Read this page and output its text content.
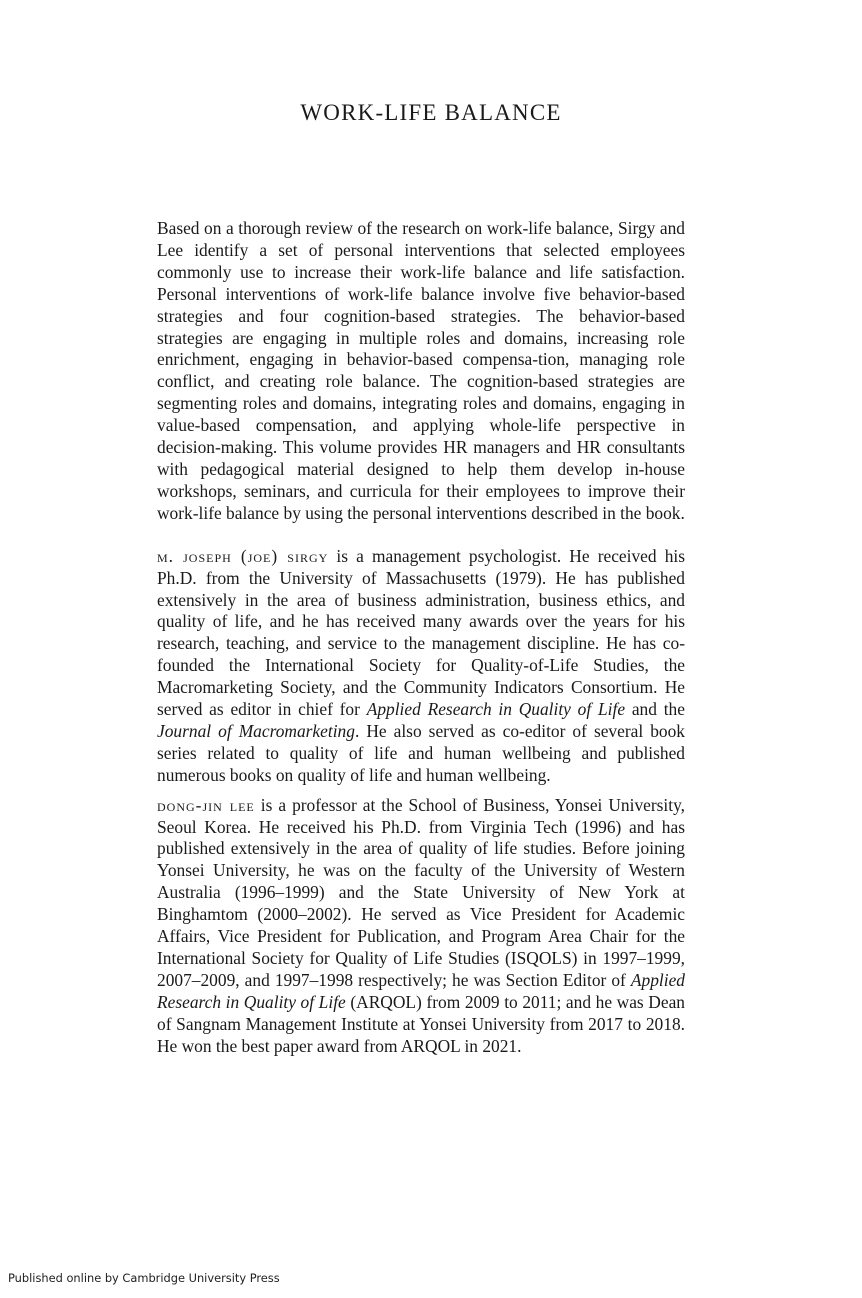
WORK-LIFE BALANCE

Based on a thorough review of the research on work-life balance, Sirgy and Lee identify a set of personal interventions that selected employees commonly use to increase their work-life balance and life satisfaction. Personal interventions of work-life balance involve five behavior-based strategies and four cognition-based strategies. The behavior-based strategies are engaging in multiple roles and domains, increasing role enrichment, engaging in behavior-based compensa-tion, managing role conflict, and creating role balance. The cognition-based strategies are segmenting roles and domains, integrating roles and domains, engaging in value-based compensation, and applying whole-life perspective in decision-making. This volume provides HR managers and HR consultants with pedagogical material designed to help them develop in-house workshops, seminars, and curricula for their employees to improve their work-life balance by using the personal interventions described in the book.

m. joseph (joe) sirgy is a management psychologist. He received his Ph.D. from the University of Massachusetts (1979). He has published extensively in the area of business administration, business ethics, and quality of life, and he has received many awards over the years for his research, teaching, and service to the management discipline. He has co-founded the International Society for Quality-of-Life Studies, the Macromarketing Society, and the Community Indicators Consortium. He served as editor in chief for Applied Research in Quality of Life and the Journal of Macromarketing. He also served as co-editor of several book series related to quality of life and human wellbeing and published numerous books on quality of life and human wellbeing.

dong-jin lee is a professor at the School of Business, Yonsei University, Seoul Korea. He received his Ph.D. from Virginia Tech (1996) and has published extensively in the area of quality of life studies. Before joining Yonsei University, he was on the faculty of the University of Western Australia (1996–1999) and the State University of New York at Binghamtom (2000–2002). He served as Vice President for Academic Affairs, Vice President for Publication, and Program Area Chair for the International Society for Quality of Life Studies (ISQOLS) in 1997–1999, 2007–2009, and 1997–1998 respectively; he was Section Editor of Applied Research in Quality of Life (ARQOL) from 2009 to 2011; and he was Dean of Sangnam Management Institute at Yonsei University from 2017 to 2018. He won the best paper award from ARQOL in 2021.

Published online by Cambridge University Press
